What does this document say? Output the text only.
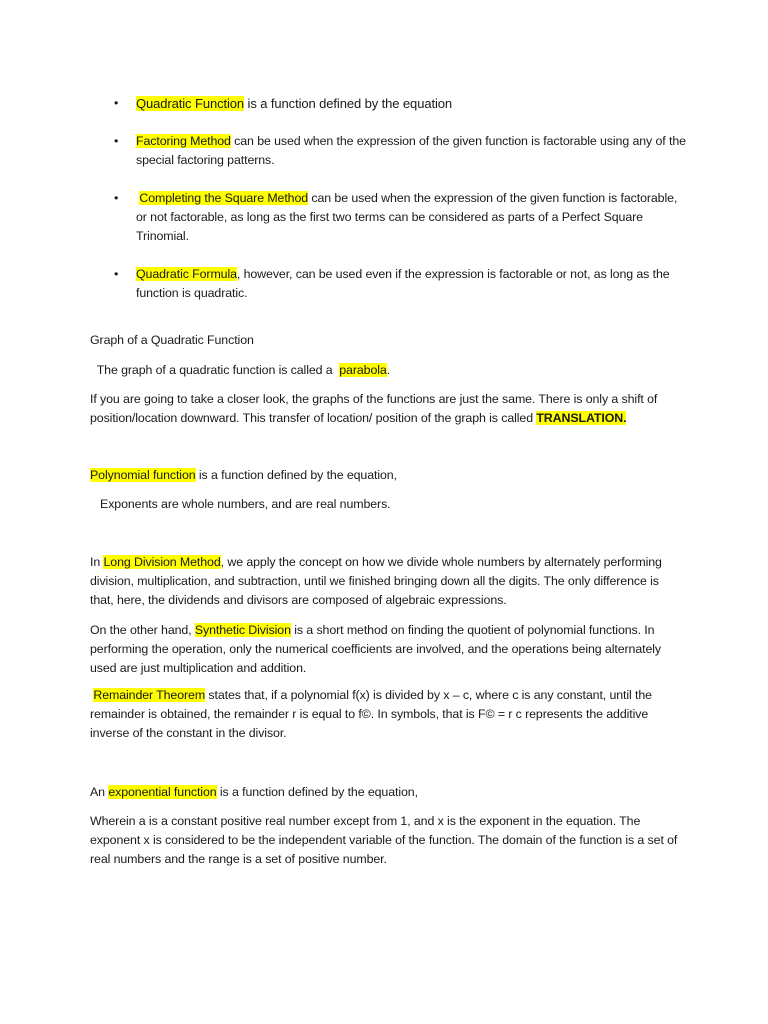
• Quadratic Function is a function defined by the equation
• Factoring Method can be used when the expression of the given function is factorable using any of the special factoring patterns.
• Completing the Square Method can be used when the expression of the given function is factorable, or not factorable, as long as the first two terms can be considered as parts of a Perfect Square Trinomial.
• Quadratic Formula, however, can be used even if the expression is factorable or not, as long as the function is quadratic.
Graph of a Quadratic Function
The graph of a quadratic function is called a  parabola.
If you are going to take a closer look, the graphs of the functions are just the same. There is only a shift of position/location downward. This transfer of location/ position of the graph is called TRANSLATION.
Polynomial function is a function defined by the equation,
Exponents are whole numbers, and are real numbers.
In Long Division Method, we apply the concept on how we divide whole numbers by alternately performing division, multiplication, and subtraction, until we finished bringing down all the digits. The only difference is that, here, the dividends and divisors are composed of algebraic expressions.
On the other hand, Synthetic Division is a short method on finding the quotient of polynomial functions. In performing the operation, only the numerical coefficients are involved, and the operations being alternately used are just multiplication and addition.
Remainder Theorem states that, if a polynomial f(x) is divided by x – c, where c is any constant, until the remainder is obtained, the remainder r is equal to f©. In symbols, that is F© = r c represents the additive inverse of the constant in the divisor.
An exponential function is a function defined by the equation,
Wherein a is a constant positive real number except from 1, and x is the exponent in the equation. The exponent x is considered to be the independent variable of the function. The domain of the function is a set of real numbers and the range is a set of positive number.
